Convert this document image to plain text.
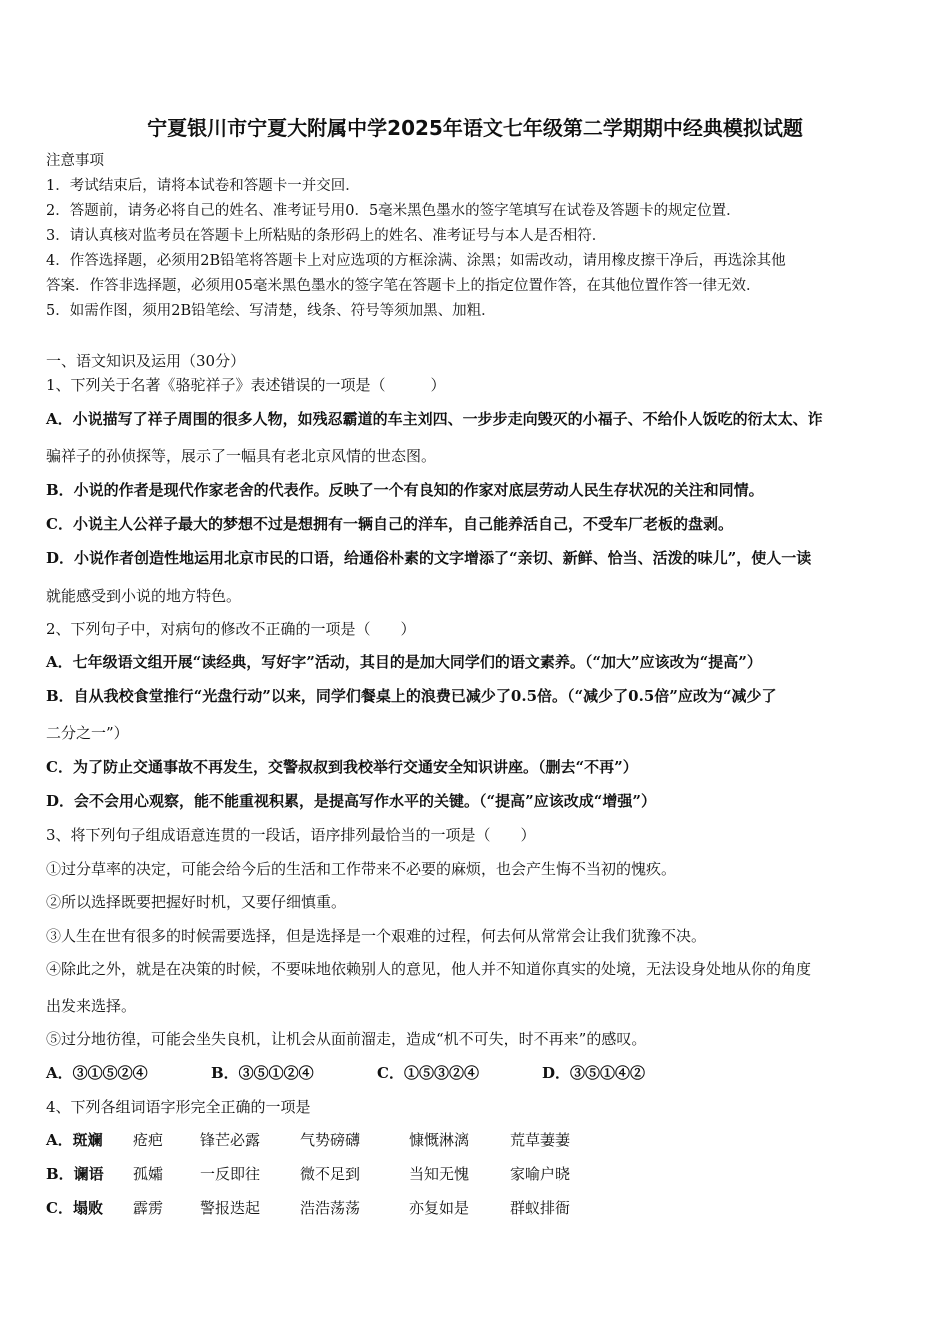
宁夏银川市宁夏大附属中学2025年语文七年级第二学期期中经典模拟试题
注意事项
1．考试结束后，请将本试卷和答题卡一并交回．
2．答题前，请务必将自己的姓名、准考证号用0．5毫米黑色墨水的签字笔填写在试卷及答题卡的规定位置．
3．请认真核对监考员在答题卡上所粘贴的条形码上的姓名、准考证号与本人是否相符．
4．作答选择题，必须用2B铅笔将答题卡上对应选项的方框涂满、涂黑；如需改动，请用橡皮擦干净后，再选涂其他
答案．作答非选择题，必须用05毫米黑色墨水的签字笔在答题卡上的指定位置作答，在其他位置作答一律无效．
5．如需作图，须用2B铅笔绘、写清楚，线条、符号等须加黑、加粗．
一、语文知识及运用（30分）
1、下列关于名著《骆驼祥子》表述错误的一项是（　　　）
A．小说描写了祥子周围的很多人物，如残忍霸道的车主刘四、一步步走向毁灭的小福子、不给仆人饭吃的衍太太、诈
骗祥子的孙侦探等，展示了一幅具有老北京风情的世态图。
B．小说的作者是现代作家老舍的代表作。反映了一个有良知的作家对底层劳动人民生存状况的关注和同情。
C．小说主人公祥子最大的梦想不过是想拥有一辆自己的洋车，自己能养活自己，不受车厂老板的盘剥。
D．小说作者创造性地运用北京市民的口语，给通俗朴素的文字增添了“亲切、新鲜、恰当、活泼的味儿”，使人一读
就能感受到小说的地方特色。
2、下列句子中，对病句的修改不正确的一项是（　　）
A．七年级语文组开展“读经典，写好字”活动，其目的是加大同学们的语文素养。（“加大”应该改为“提高”）
B．自从我校食堂推行“光盘行动”以来，同学们餐桌上的浪费已减少了0.5倍。（“减少了0.5倍”应改为“减少了
二分之一”）
C．为了防止交通事故不再发生，交警叔叔到我校举行交通安全知识讲座。（删去“不再”）
D．会不会用心观察，能不能重视积累，是提高写作水平的关键。（“提高”应该改成“增强”）
3、将下列句子组成语意连贯的一段话，语序排列最恰当的一项是（　　）
①过分草率的决定，可能会给今后的生活和工作带来不必要的麻烦，也会产生悔不当初的愧疚。
②所以选择既要把握好时机，又要仔细慎重。
③人生在世有很多的时候需要选择，但是选择是一个艰难的过程，何去何从常常会让我们犹豫不决。
④除此之外，就是在决策的时候，不要味地依赖别人的意见，他人并不知道你真实的处境，无法设身处地从你的角度
出发来选择。
⑤过分地彷徨，可能会坐失良机，让机会从面前溜走，造成“机不可失，时不再来”的感叹。
A．③①⑤②④	B．③⑤①②④	C．①⑤③②④	D．③⑤①④②
4、下列各组词语字形完全正确的一项是
A．斑斓 疮疤 锋芒必露	气势磅礴	慷慨淋漓	荒草萋萋
B．谰语 孤孀 一反即往	微不足到	当知无愧	家喻户晓
C．塌败 霹雳 警报迭起	浩浩荡荡	亦复如是	群蚁排衙
